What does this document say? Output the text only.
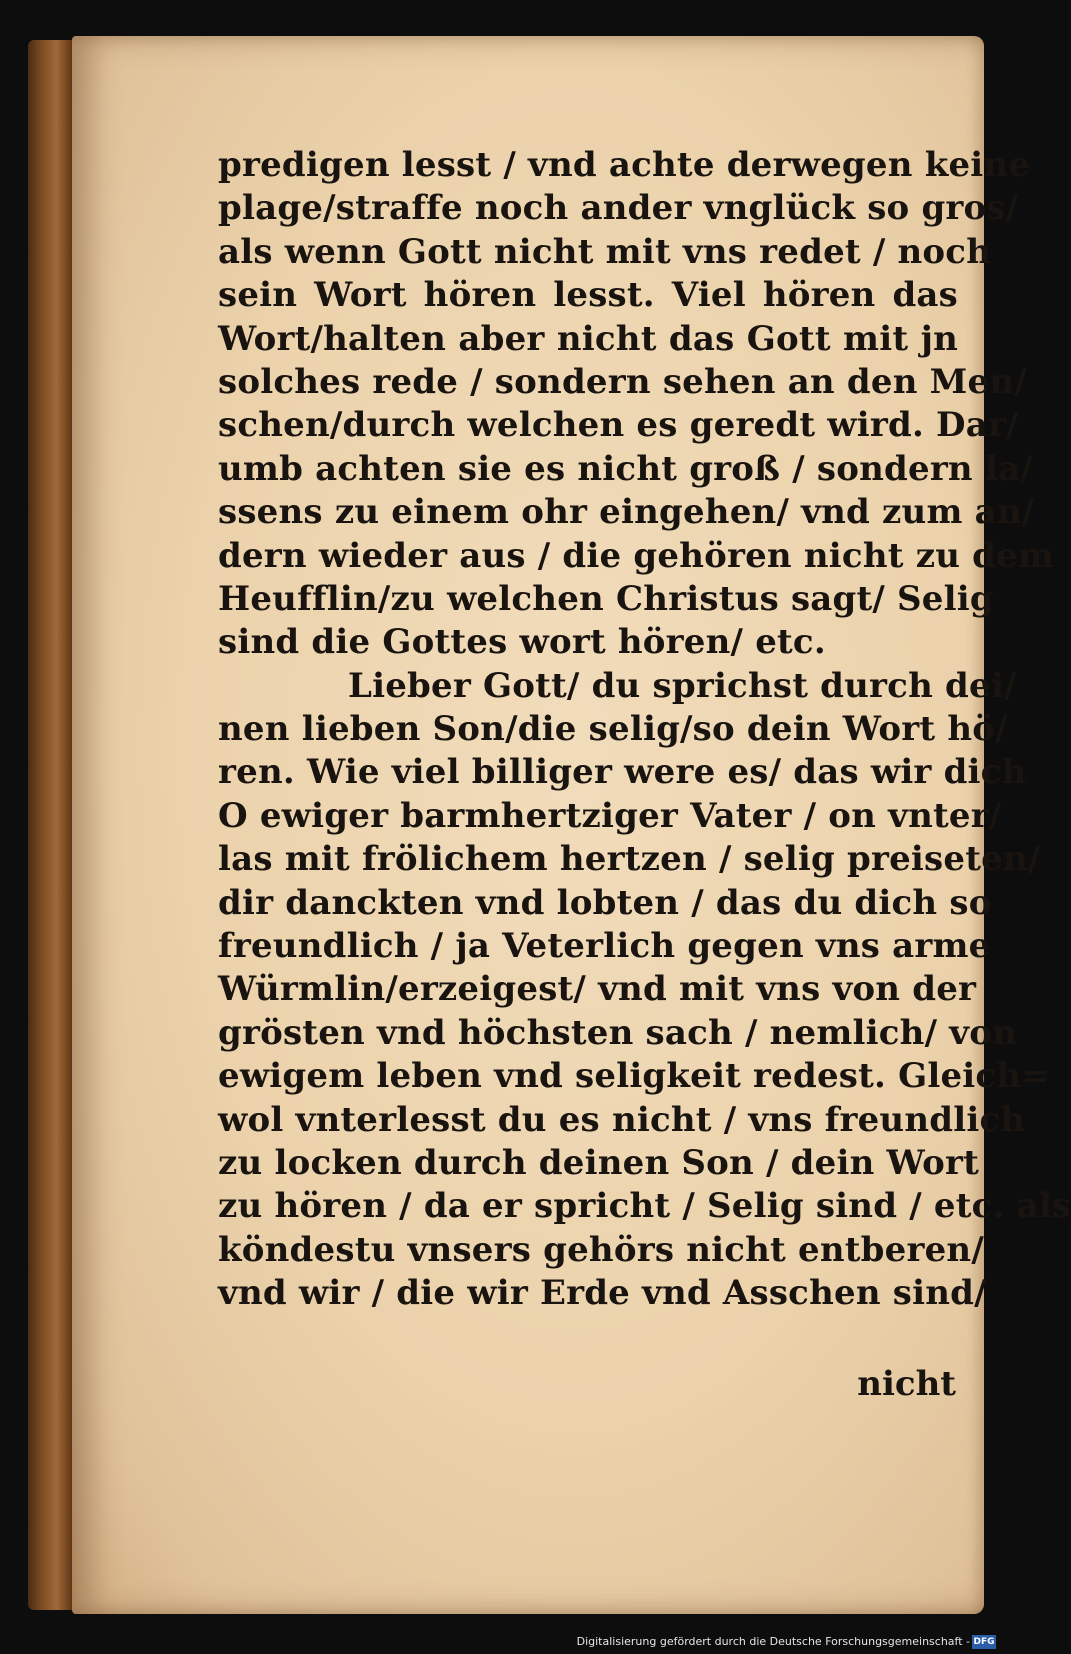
predigen lesst / vnd achte derwegen keine
plage/straffe noch ander vnglück so gros/
als wenn Gott nicht mit vns redet / noch
sein Wort hören lesst. Viel hören das
Wort/halten aber nicht das Gott mit jn
solches rede / sondern sehen an den Men/
schen/durch welchen es geredt wird. Dar/
umb achten sie es nicht groß / sondern la/
ssens zu einem ohr eingehen/ vnd zum an/
dern wieder aus / die gehören nicht zu dem
Heufflin/zu welchen Christus sagt/ Selig
sind die Gottes wort hören/ etc.
Lieber Gott/ du sprichst durch dei/
nen lieben Son/die selig/so dein Wort hö/
ren. Wie viel billiger were es/ das wir dich
O ewiger barmhertziger Vater / on vnter/
las mit frölichem hertzen / selig preiseten/
dir danckten vnd lobten / das du dich so
freundlich / ja Veterlich gegen vns arme
Würmlin/erzeigest/ vnd mit vns von der
grösten vnd höchsten sach / nemlich/ von
ewigem leben vnd seligkeit redest. Gleich=
wol vnterlesst du es nicht / vns freundlich
zu locken durch deinen Son / dein Wort
zu hören / da er spricht / Selig sind / etc. als
köndestu vnsers gehörs nicht entberen/
vnd wir / die wir Erde vnd Asschen sind/
nicht
Digitalisierung gefördert durch die Deutsche Forschungsgemeinschaft - DFG
